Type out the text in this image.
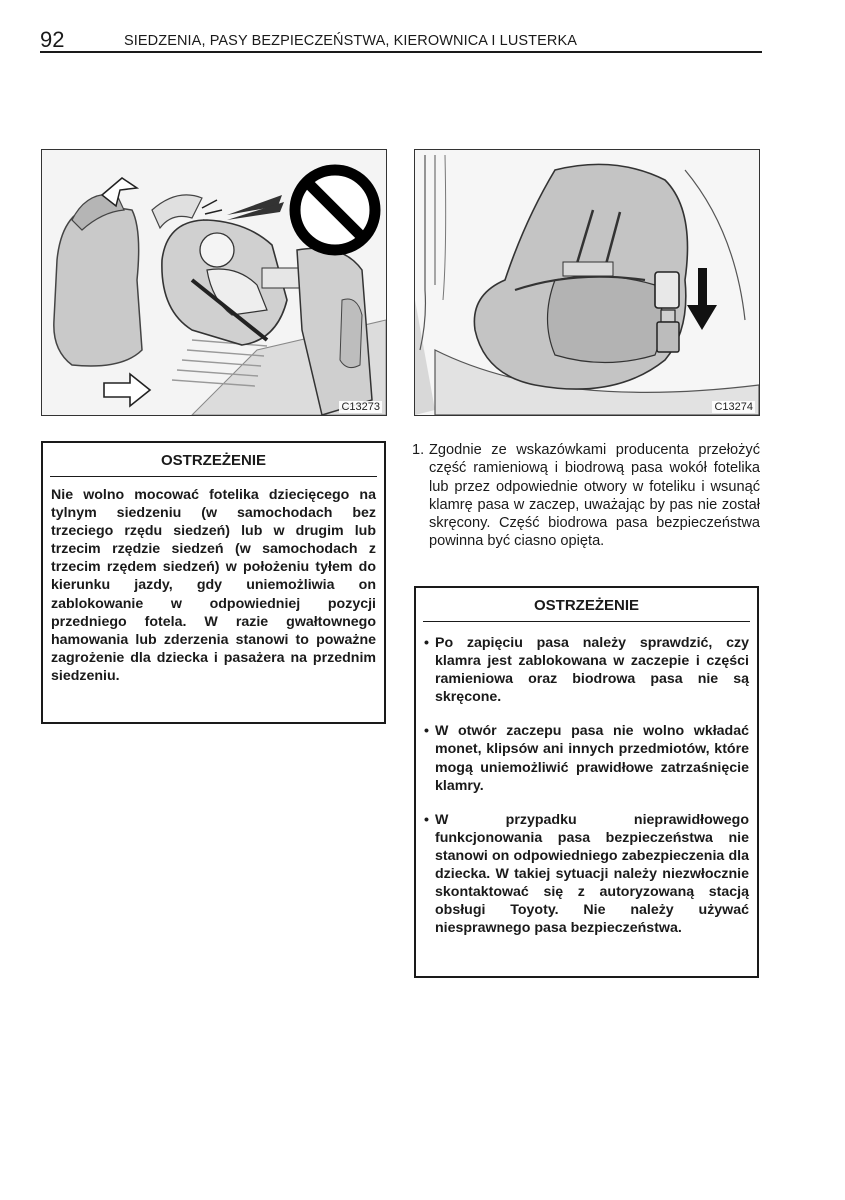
92	SIEDZENIA, PASY BEZPIECZEŃSTWA, KIEROWNICA I LUSTERKA
C13273	C13274
OSTRZEŻENIE
Nie wolno mocować fotelika dziecięcego na tylnym siedzeniu (w samochodach bez trzeciego rzędu siedzeń) lub w drugim lub trzecim rzędzie siedzeń (w samochodach z trzecim rzędem siedzeń) w położeniu tyłem do kierunku jazdy, gdy uniemożliwia on zablokowanie w odpowiedniej pozycji przedniego fotela. W razie gwałtownego hamowania lub zderzenia stanowi to poważne zagrożenie dla dziecka i pasażera na przednim siedzeniu.
1. Zgodnie ze wskazówkami producenta przełożyć część ramieniową i biodrową pasa wokół fotelika lub przez odpowiednie otwory w foteliku i wsunąć klamrę pasa w zaczep, uważając by pas nie został skręcony. Część biodrowa pasa bezpieczeństwa powinna być ciasno opięta.
OSTRZEŻENIE
• Po zapięciu pasa należy sprawdzić, czy klamra jest zablokowana w zaczepie i części ramieniowa oraz biodrowa pasa nie są skręcone.
• W otwór zaczepu pasa nie wolno wkładać monet, klipsów ani innych przedmiotów, które mogą uniemożliwić prawidłowe zatrzaśnięcie klamry.
• W przypadku nieprawidłowego funkcjonowania pasa bezpieczeństwa nie stanowi on odpowiedniego zabezpieczenia dla dziecka. W takiej sytuacji należy niezwłocznie skontaktować się z autoryzowaną stacją obsługi Toyoty. Nie należy używać niesprawnego pasa bezpieczeństwa.
